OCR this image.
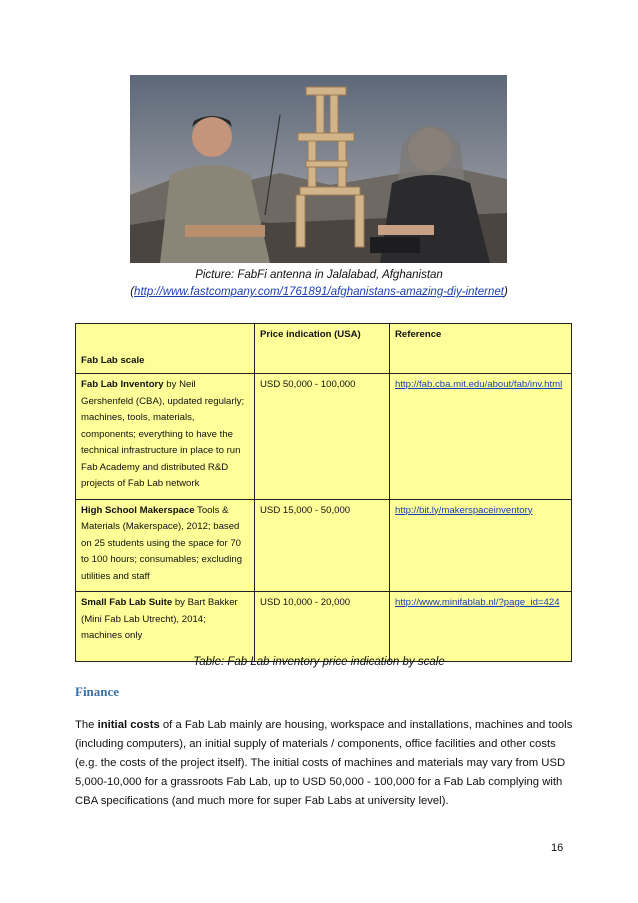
Picture: FabFi antenna in Jalalabad, Afghanistan
(http://www.fastcompany.com/1761891/afghanistans-amazing-diy-internet)
Fab Lab scale	Price indication (USA)	Reference
Fab Lab Inventory by Neil Gershenfeld (CBA), updated regularly; machines, tools, materials, components; everything to have the technical infrastructure in place to run Fab Academy and distributed R&D projects of Fab Lab network	USD 50,000 - 100,000	http://fab.cba.mit.edu/about/fab/inv.html
High School Makerspace Tools & Materials (Makerspace), 2012; based on 25 students using the space for 70 to 100 hours; consumables; excluding utilities and staff	USD 15,000 - 50,000	http://bit.ly/makerspaceinventory
Small Fab Lab Suite by Bart Bakker (Mini Fab Lab Utrecht), 2014; machines only	USD 10,000 - 20,000	http://www.minifablab.nl/?page_id=424
Table: Fab Lab inventory price indication by scale
Finance
The initial costs of a Fab Lab mainly are housing, workspace and installations, machines and tools (including computers), an initial supply of materials / components, office facilities and other costs (e.g. the costs of the project itself). The initial costs of machines and materials may vary from USD 5,000-10,000 for a grassroots Fab Lab, up to USD 50,000 - 100,000 for a Fab Lab complying with CBA specifications (and much more for super Fab Labs at university level).
16
